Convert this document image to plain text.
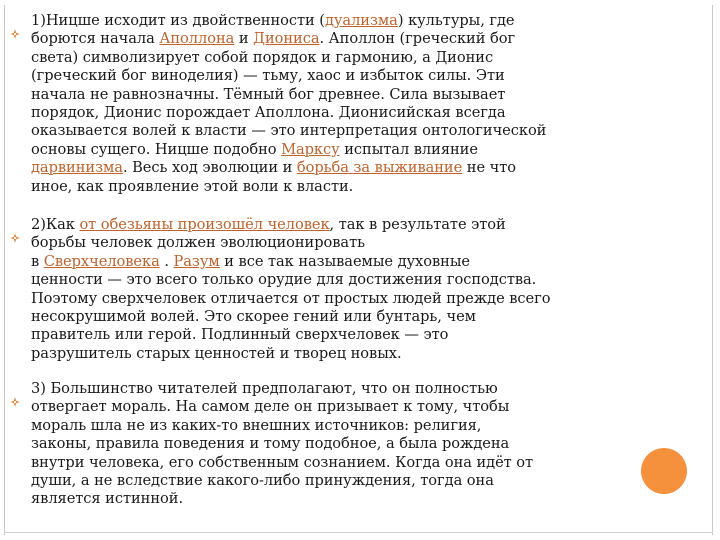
1)Ницше исходит из двойственности (дуализма) культуры, где
борются начала Аполлона и Диониса. Аполлон (греческий бог
света) символизирует собой порядок и гармонию, а Дионис
(греческий бог виноделия) — тьму, хаос и избыток силы. Эти
начала не равнозначны. Тёмный бог древнее. Сила вызывает
порядок, Дионис порождает Аполлона. Дионисийская всегда
оказывается волей к власти — это интерпретация онтологической
основы сущего. Ницше подобно Марксу испытал влияние
дарвинизма. Весь ход эволюции и борьба за выживание не что
иное, как проявление этой воли к власти.
2)Как от обезьяны произошёл человек, так в результате этой
борьбы человек должен эволюционировать
в Сверхчеловека . Разум и все так называемые духовные
ценности — это всего только орудие для достижения господства.
Поэтому сверхчеловек отличается от простых людей прежде всего
несокрушимой волей. Это скорее гений или бунтарь, чем
правитель или герой. Подлинный сверхчеловек — это
разрушитель старых ценностей и творец новых.
3) Большинство читателей предполагают, что он полностью
отвергает мораль. На самом деле он призывает к тому, чтобы
мораль шла не из каких-то внешних источников: религия,
законы, правила поведения и тому подобное, а была рождена
внутри человека, его собственным сознанием. Когда она идёт от
души, а не вследствие какого-либо принуждения, тогда она
является истинной.
